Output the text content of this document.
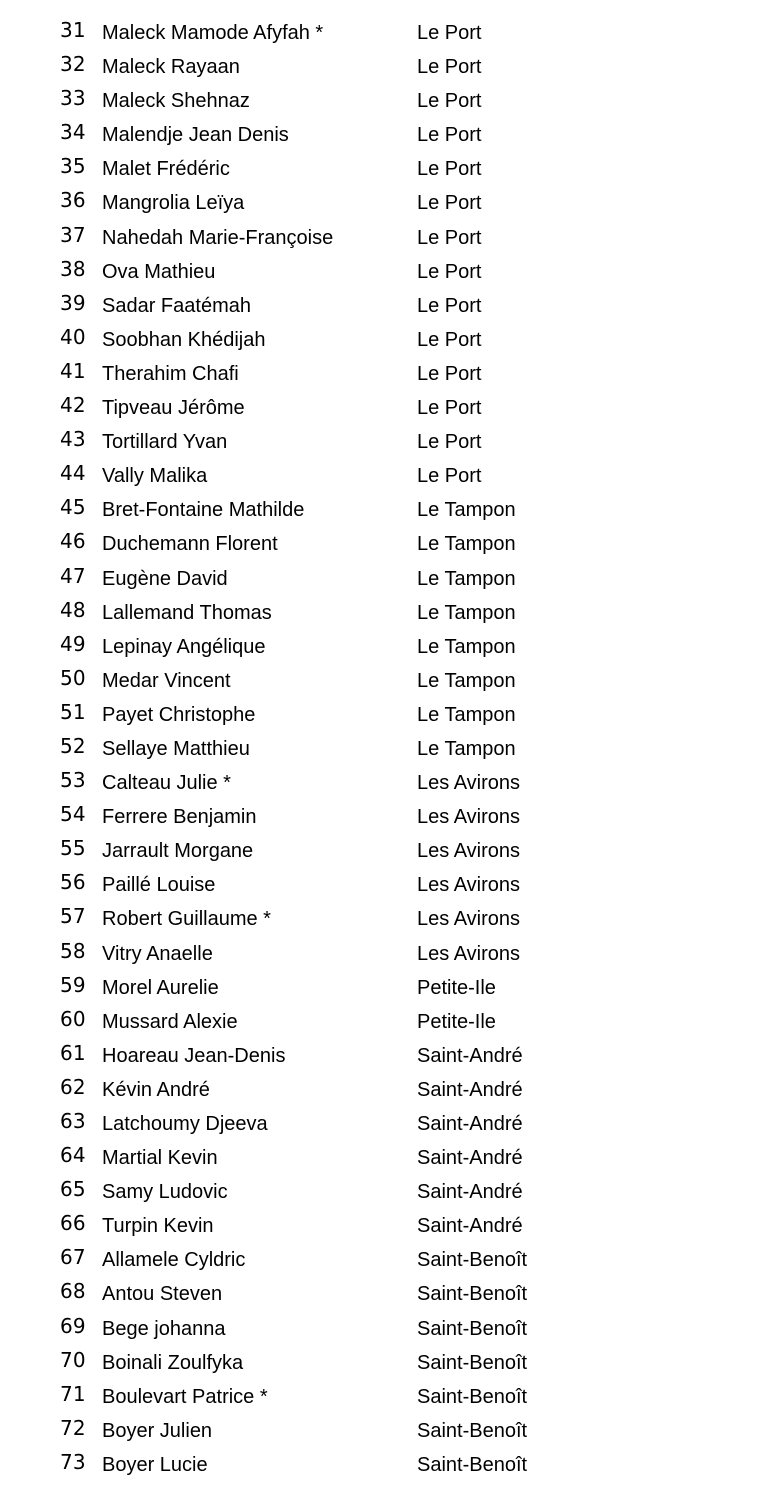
31 Maleck Mamode Afyfah *	Le Port
32 Maleck Rayaan	Le Port
33 Maleck Shehnaz	Le Port
34 Malendje Jean Denis	Le Port
35 Malet Frédéric	Le Port
36 Mangrolia Leïya	Le Port
37 Nahedah Marie-Françoise	Le Port
38 Ova Mathieu	Le Port
39 Sadar Faatémah	Le Port
40 Soobhan Khédijah	Le Port
41 Therahim Chafi	Le Port
42 Tipveau Jérôme	Le Port
43 Tortillard Yvan	Le Port
44 Vally Malika	Le Port
45 Bret-Fontaine Mathilde	Le Tampon
46 Duchemann Florent	Le Tampon
47 Eugène David	Le Tampon
48 Lallemand Thomas	Le Tampon
49 Lepinay Angélique	Le Tampon
50 Medar Vincent	Le Tampon
51 Payet Christophe	Le Tampon
52 Sellaye Matthieu	Le Tampon
53 Calteau Julie *	Les Avirons
54 Ferrere Benjamin	Les Avirons
55 Jarrault Morgane	Les Avirons
56 Paillé Louise	Les Avirons
57 Robert Guillaume *	Les Avirons
58 Vitry Anaelle	Les Avirons
59 Morel Aurelie	Petite-Ile
60 Mussard Alexie	Petite-Ile
61 Hoareau Jean-Denis	Saint-André
62 Kévin André	Saint-André
63 Latchoumy Djeeva	Saint-André
64 Martial Kevin	Saint-André
65 Samy Ludovic	Saint-André
66 Turpin Kevin	Saint-André
67 Allamele Cyldric	Saint-Benoît
68 Antou Steven	Saint-Benoît
69 Bege johanna	Saint-Benoît
70 Boinali Zoulfyka	Saint-Benoît
71 Boulevart Patrice *	Saint-Benoît
72 Boyer Julien	Saint-Benoît
73 Boyer Lucie	Saint-Benoît
